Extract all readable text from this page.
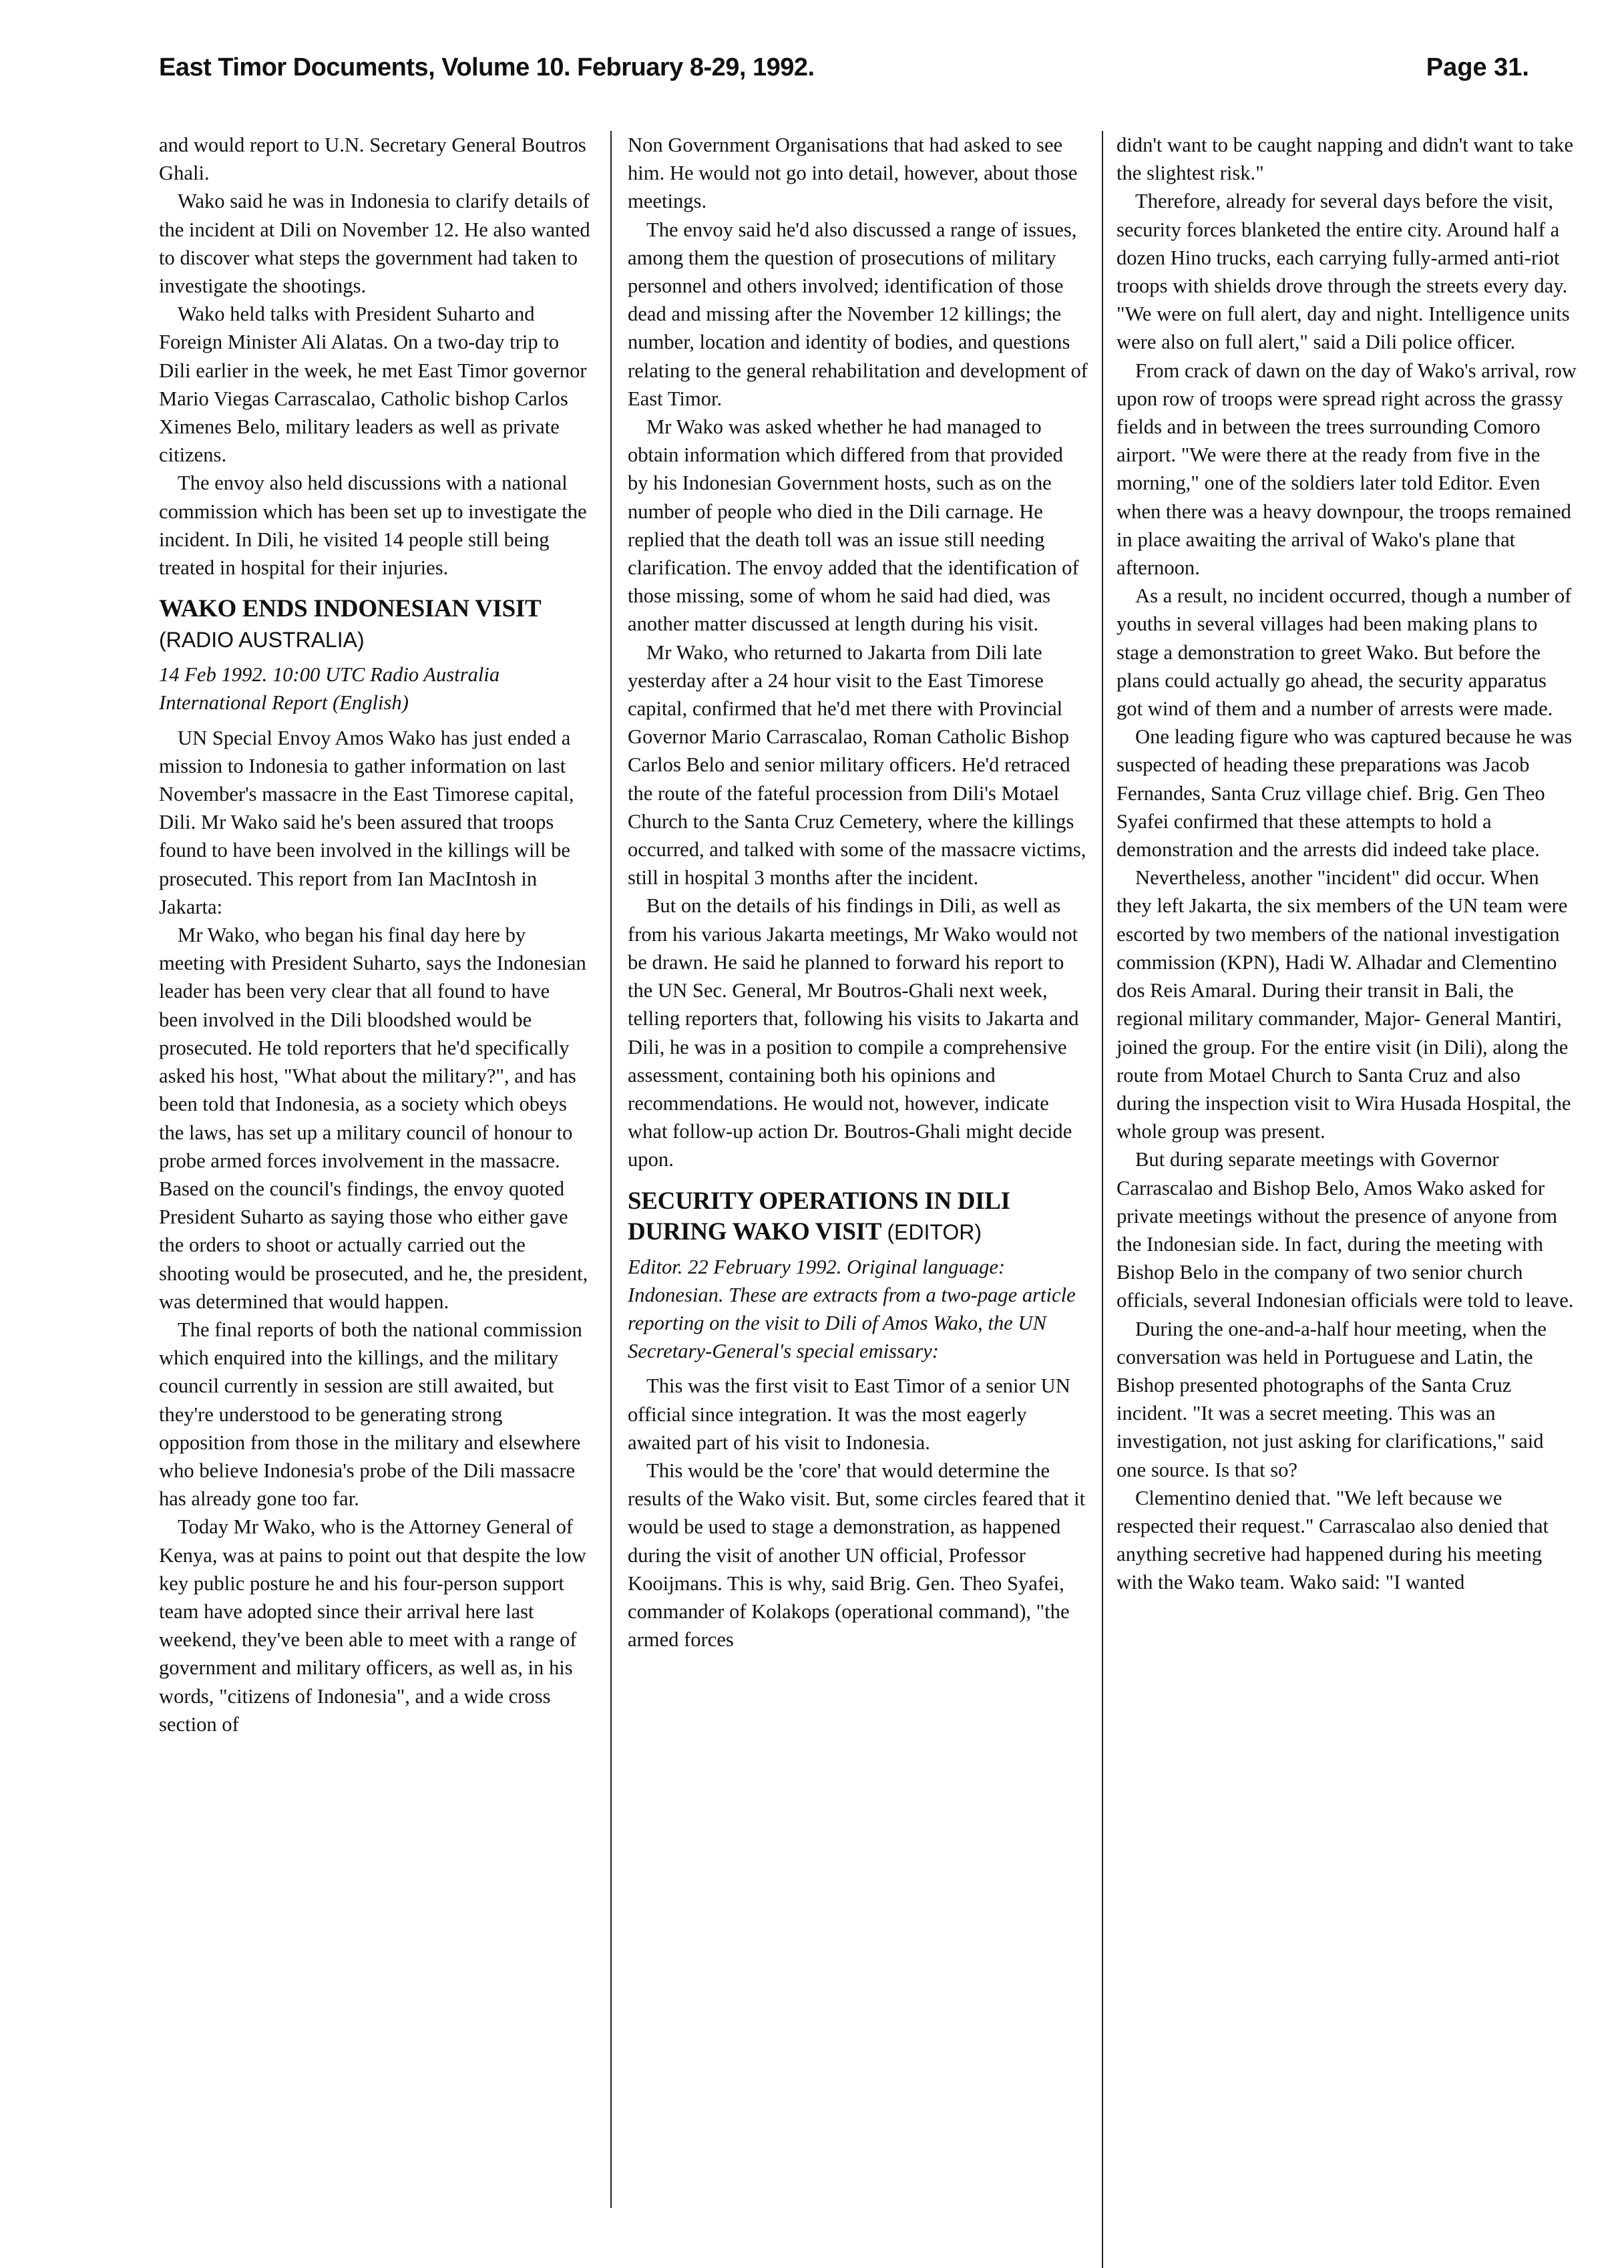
East Timor Documents, Volume 10. February 8-29, 1992.	Page 31.

and would report to U.N. Secretary General Boutros Ghali.

Wako said he was in Indonesia to clarify details of the incident at Dili on November 12. He also wanted to discover what steps the government had taken to investigate the shootings.

Wako held talks with President Suharto and Foreign Minister Ali Alatas. On a two-day trip to Dili earlier in the week, he met East Timor governor Mario Viegas Carrascalao, Catholic bishop Carlos Ximenes Belo, military leaders as well as private citizens.

The envoy also held discussions with a national commission which has been set up to investigate the incident. In Dili, he visited 14 people still being treated in hospital for their injuries.

WAKO ENDS INDONESIAN VISIT
(RADIO AUSTRALIA)

14 Feb 1992. 10:00 UTC Radio Australia International Report (English)

UN Special Envoy Amos Wako has just ended a mission to Indonesia to gather information on last November's massacre in the East Timorese capital, Dili. Mr Wako said he's been assured that troops found to have been involved in the killings will be prosecuted. This report from Ian MacIntosh in Jakarta:

Mr Wako, who began his final day here by meeting with President Suharto, says the Indonesian leader has been very clear that all found to have been involved in the Dili bloodshed would be prosecuted. He told reporters that he'd specifically asked his host, "What about the military?", and has been told that Indonesia, as a society which obeys the laws, has set up a military council of honour to probe armed forces involvement in the massacre. Based on the council's findings, the envoy quoted President Suharto as saying those who either gave the orders to shoot or actually carried out the shooting would be prosecuted, and he, the president, was determined that would happen.

The final reports of both the national commission which enquired into the killings, and the military council currently in session are still awaited, but they're understood to be generating strong opposition from those in the military and elsewhere who believe Indonesia's probe of the Dili massacre has already gone too far.

Today Mr Wako, who is the Attorney General of Kenya, was at pains to point out that despite the low key public posture he and his four-person support team have adopted since their arrival here last weekend, they've been able to meet with a range of government and military officers, as well as, in his words, "citizens of Indonesia", and a wide cross section of

Non Government Organisations that had asked to see him. He would not go into detail, however, about those meetings.

The envoy said he'd also discussed a range of issues, among them the question of prosecutions of military personnel and others involved; identification of those dead and missing after the November 12 killings; the number, location and identity of bodies, and questions relating to the general rehabilitation and development of East Timor.

Mr Wako was asked whether he had managed to obtain information which differed from that provided by his Indonesian Government hosts, such as on the number of people who died in the Dili carnage. He replied that the death toll was an issue still needing clarification. The envoy added that the identification of those missing, some of whom he said had died, was another matter discussed at length during his visit.

Mr Wako, who returned to Jakarta from Dili late yesterday after a 24 hour visit to the East Timorese capital, confirmed that he'd met there with Provincial Governor Mario Carrascalao, Roman Catholic Bishop Carlos Belo and senior military officers. He'd retraced the route of the fateful procession from Dili's Motael Church to the Santa Cruz Cemetery, where the killings occurred, and talked with some of the massacre victims, still in hospital 3 months after the incident.

But on the details of his findings in Dili, as well as from his various Jakarta meetings, Mr Wako would not be drawn. He said he planned to forward his report to the UN Sec. General, Mr Boutros-Ghali next week, telling reporters that, following his visits to Jakarta and Dili, he was in a position to compile a comprehensive assessment, containing both his opinions and recommendations. He would not, however, indicate what follow-up action Dr. Boutros-Ghali might decide upon.

SECURITY OPERATIONS IN DILI DURING WAKO VISIT (EDITOR)

Editor. 22 February 1992. Original language: Indonesian. These are extracts from a two-page article reporting on the visit to Dili of Amos Wako, the UN Secretary-General's special emissary:

This was the first visit to East Timor of a senior UN official since integration. It was the most eagerly awaited part of his visit to Indonesia.

This would be the 'core' that would determine the results of the Wako visit. But, some circles feared that it would be used to stage a demonstration, as happened during the visit of another UN official, Professor Kooijmans. This is why, said Brig. Gen. Theo Syafei, commander of Kolakops (operational command), "the armed forces

didn't want to be caught napping and didn't want to take the slightest risk."

Therefore, already for several days before the visit, security forces blanketed the entire city. Around half a dozen Hino trucks, each carrying fully-armed anti-riot troops with shields drove through the streets every day. "We were on full alert, day and night. Intelligence units were also on full alert," said a Dili police officer.

From crack of dawn on the day of Wako's arrival, row upon row of troops were spread right across the grassy fields and in between the trees surrounding Comoro airport. "We were there at the ready from five in the morning," one of the soldiers later told Editor. Even when there was a heavy downpour, the troops remained in place awaiting the arrival of Wako's plane that afternoon.

As a result, no incident occurred, though a number of youths in several villages had been making plans to stage a demonstration to greet Wako. But before the plans could actually go ahead, the security apparatus got wind of them and a number of arrests were made.

One leading figure who was captured because he was suspected of heading these preparations was Jacob Fernandes, Santa Cruz village chief. Brig. Gen Theo Syafei confirmed that these attempts to hold a demonstration and the arrests did indeed take place.

Nevertheless, another "incident" did occur. When they left Jakarta, the six members of the UN team were escorted by two members of the national investigation commission (KPN), Hadi W. Alhadar and Clementino dos Reis Amaral. During their transit in Bali, the regional military commander, Major- General Mantiri, joined the group. For the entire visit (in Dili), along the route from Motael Church to Santa Cruz and also during the inspection visit to Wira Husada Hospital, the whole group was present.

But during separate meetings with Governor Carrascalao and Bishop Belo, Amos Wako asked for private meetings without the presence of anyone from the Indonesian side. In fact, during the meeting with Bishop Belo in the company of two senior church officials, several Indonesian officials were told to leave.

During the one-and-a-half hour meeting, when the conversation was held in Portuguese and Latin, the Bishop presented photographs of the Santa Cruz incident. "It was a secret meeting. This was an investigation, not just asking for clarifications," said one source. Is that so?

Clementino denied that. "We left because we respected their request." Carrascalao also denied that anything secretive had happened during his meeting with the Wako team. Wako said: "I wanted
